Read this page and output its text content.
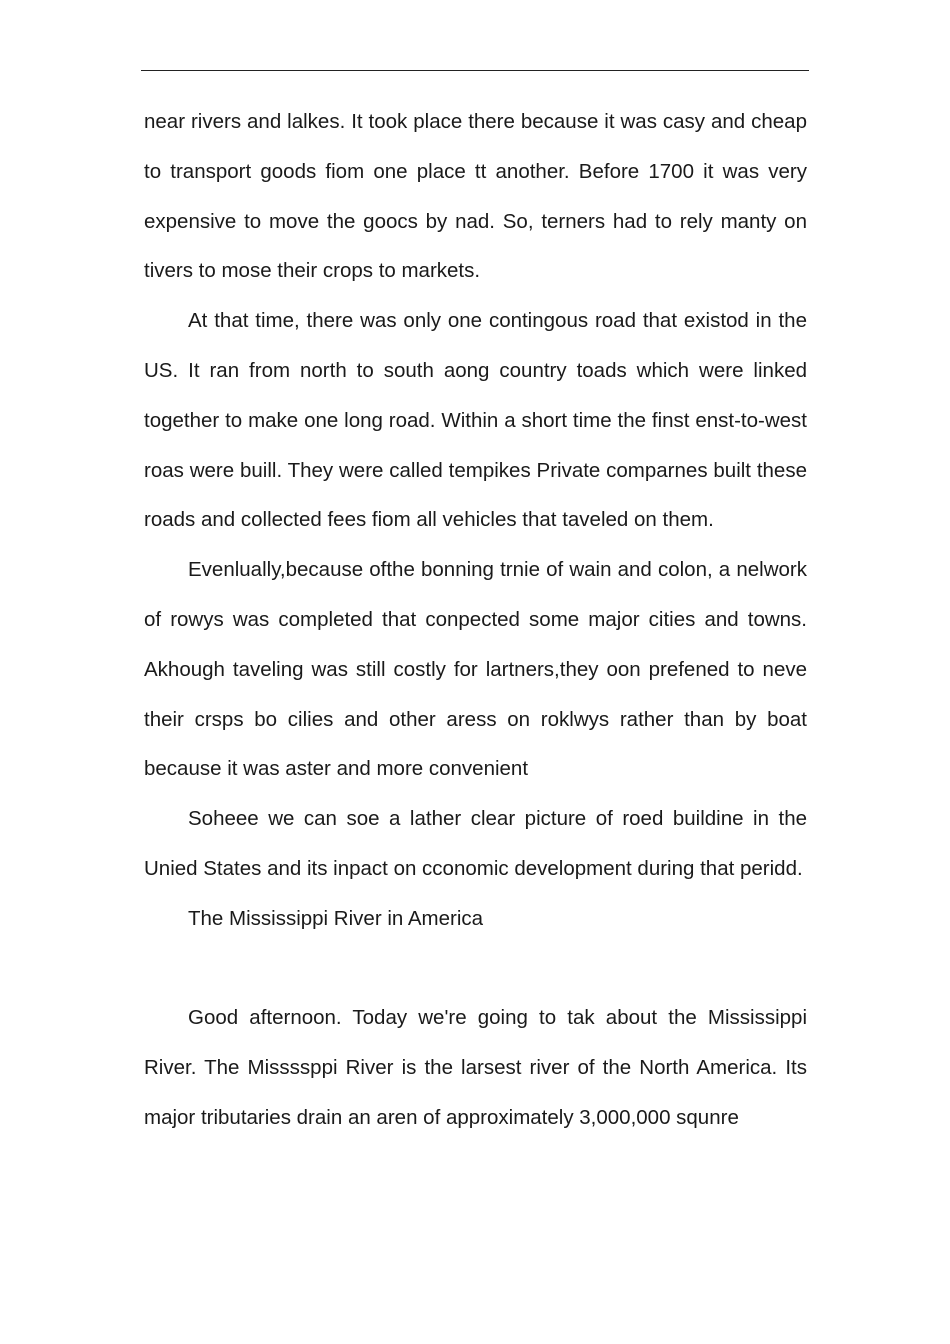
near rivers and lalkes. It took place there because it was casy and cheap to transport goods fiom one place tt another. Before 1700 it was very expensive to move the goocs by nad. So, terners had to rely manty on tivers to mose their crops to markets.

At that time, there was only one contingous road that existod in the US. It ran from north to south aong country toads which were linked together to make one long road. Within a short time the finst enst-to-west roas were buill. They were called tempikes Private comparnes built these roads and collected fees fiom all vehicles that taveled on them.

Evenlually,because ofthe bonning trnie of wain and colon, a nelwork of rowys was completed that conpected some major cities and towns. Akhough taveling was still costly for lartners,they oon prefened to neve their crsps bo cilies and other aress on roklwys rather than by boat because it was aster and more convenient

Soheee we can soe a lather clear picture of roed buildine in the Unied States and its inpact on cconomic development during that peridd.

The Mississippi River in America

Good afternoon. Today we're going to tak about the Mississippi River. The Missssppi River is the larsest river of the North America. Its major tributaries drain an aren of approximately 3,000,000 squnre
